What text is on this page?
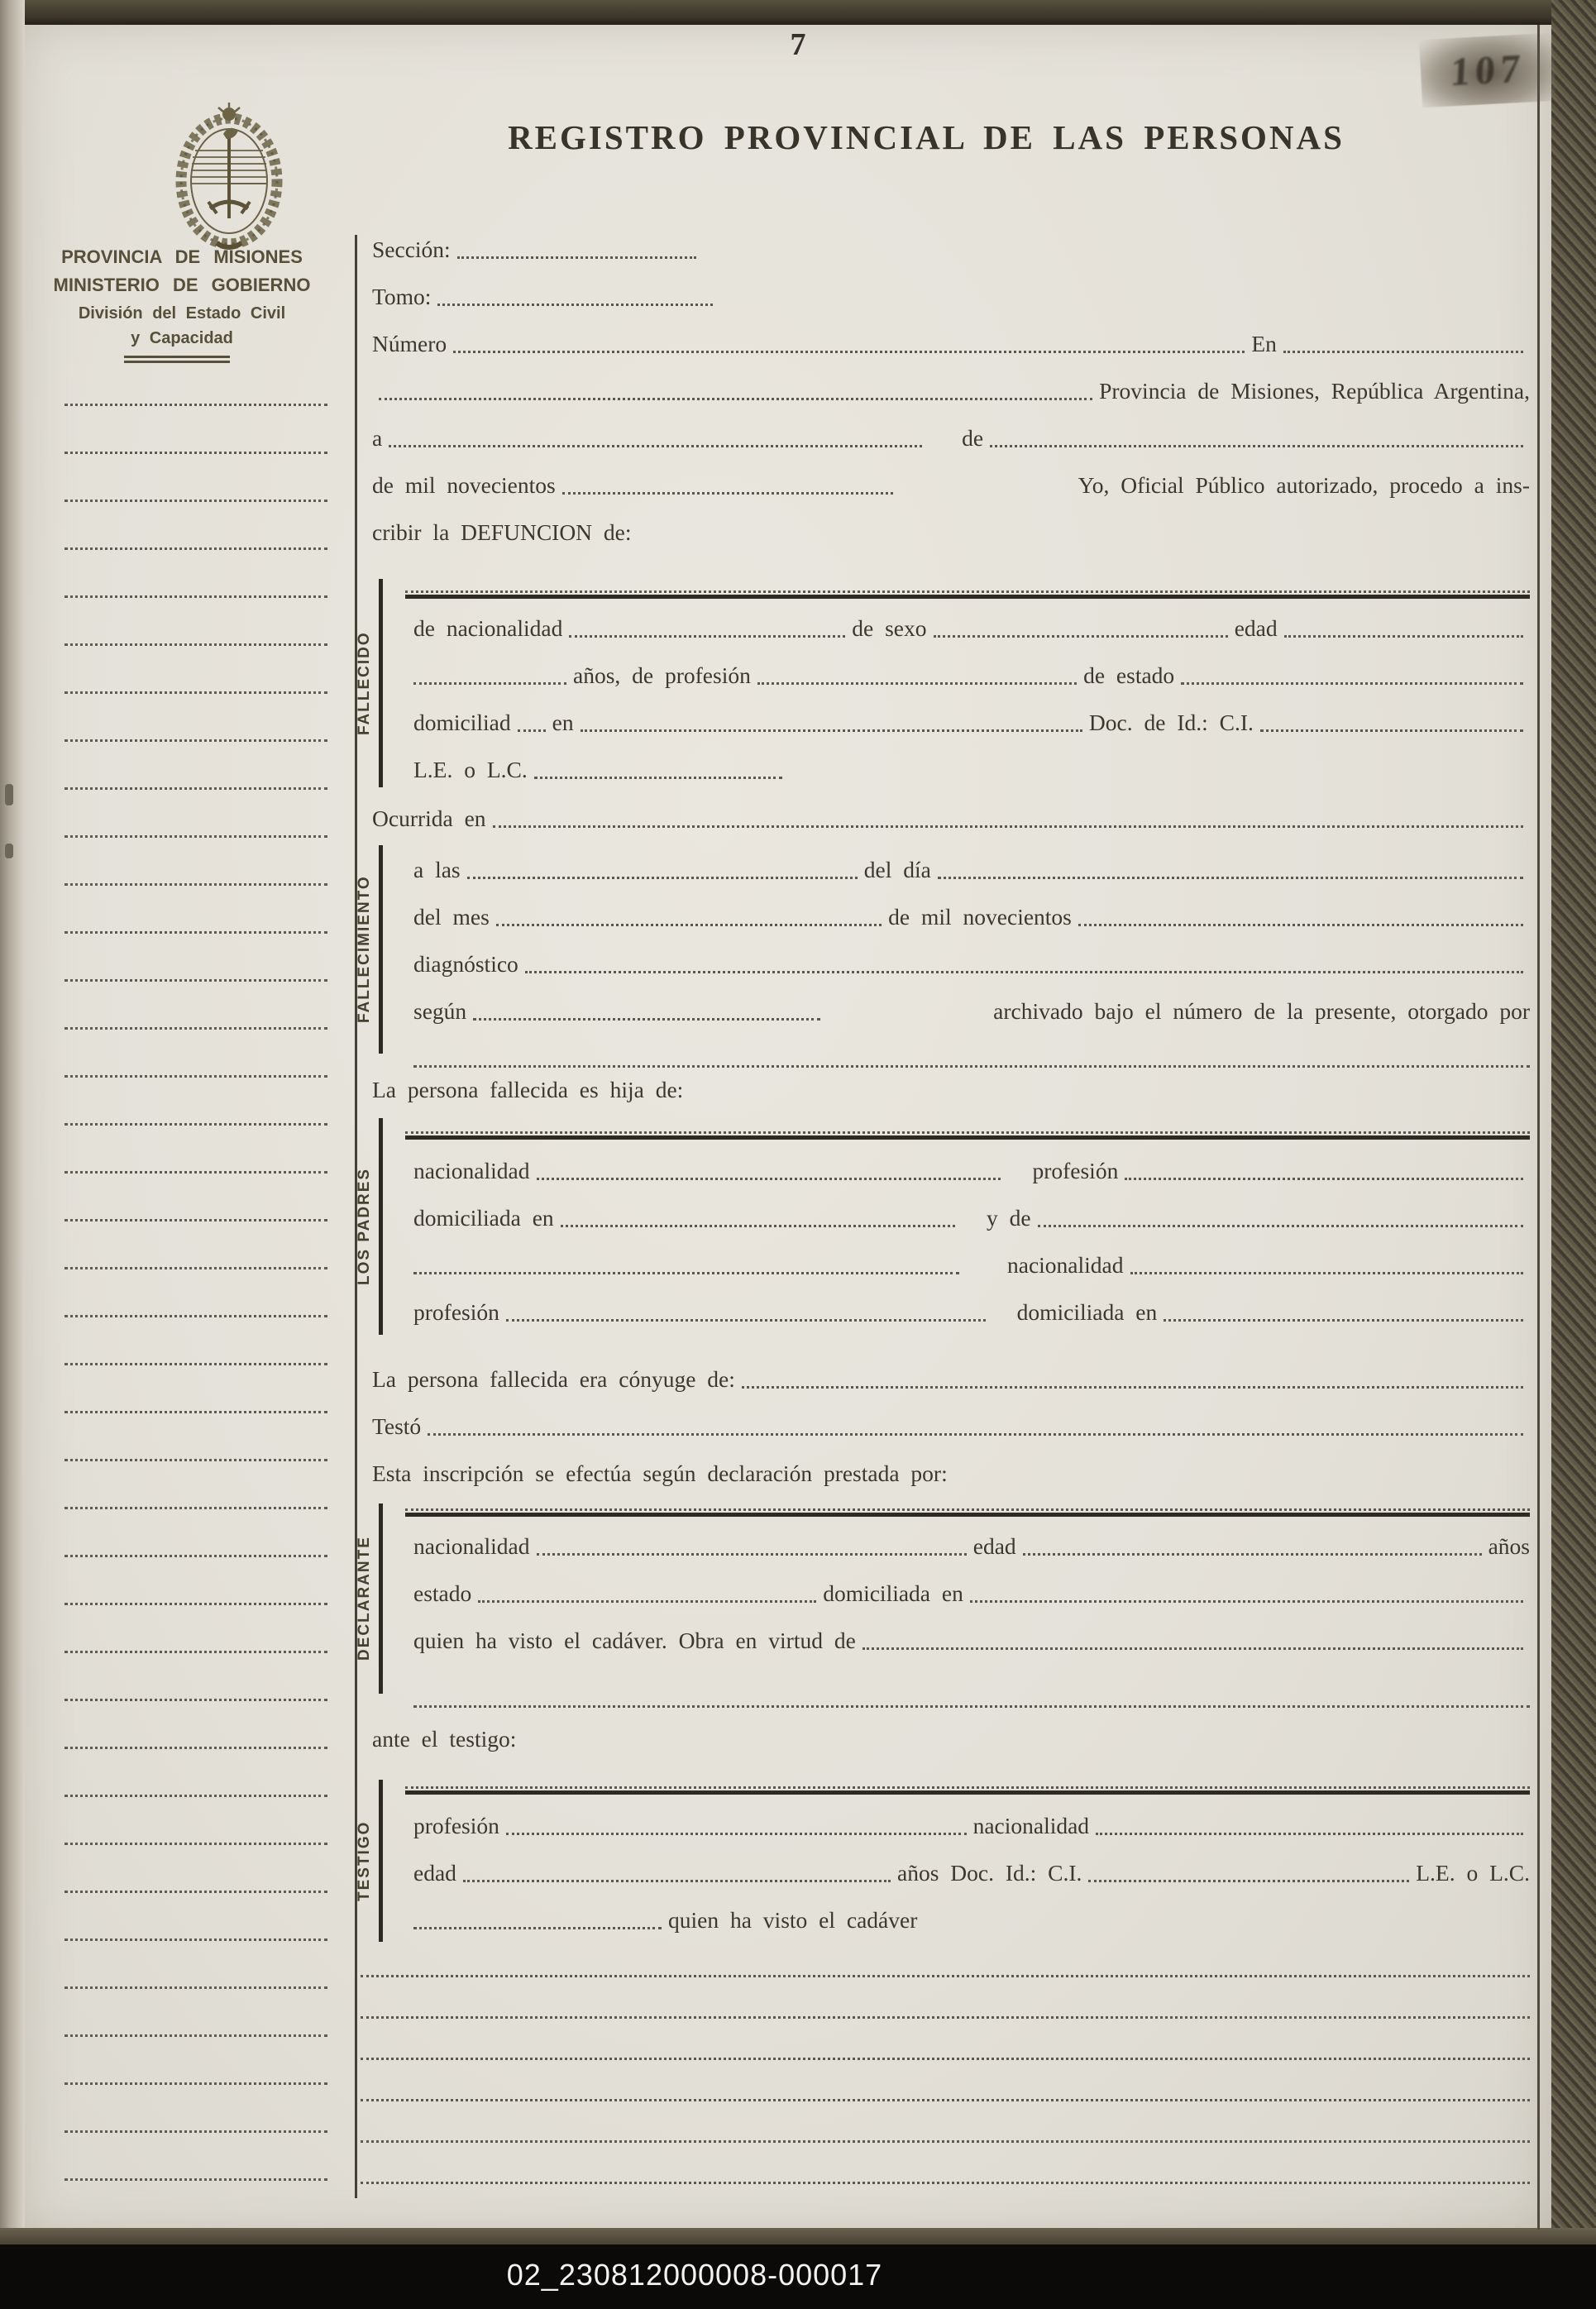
02_230812000008-000017
7
107
REGISTRO PROVINCIAL DE LAS PERSONAS
PROVINCIA DE MISIONES
MINISTERIO DE GOBIERNO
División del Estado Civil
y Capacidad
Sección:
Tomo:
Número	En
Provincia de Misiones, República Argentina,
a	de
de mil novecientos	Yo, Oficial Público autorizado, procedo a ins-
cribir la DEFUNCION de:
FALLECIDO
de nacionalidad	de sexo	edad
años, de profesión	de estado
domiciliad en	Doc. de Id.: C.I.
L.E. o L.C.
Ocurrida en
FALLECIMIENTO
a las	del día
del mes	de mil novecientos
diagnóstico
según	archivado bajo el número de la presente, otorgado por
La persona fallecida es hija de:
LOS PADRES nacionalidad	profesión
domiciliada en	y de
nacionalidad
profesión	domiciliada en
La persona fallecida era cónyuge de:
Testó
Esta inscripción se efectúa según declaración prestada por:
DECLARANTE nacionalidad	edad	años
estado	domiciliada en
quien ha visto el cadáver. Obra en virtud de
ante el testigo:
TESTIGO profesión	nacionalidad
edad	años Doc. Id.: C.I.	L.E. o L.C.
quien ha visto el cadáver
